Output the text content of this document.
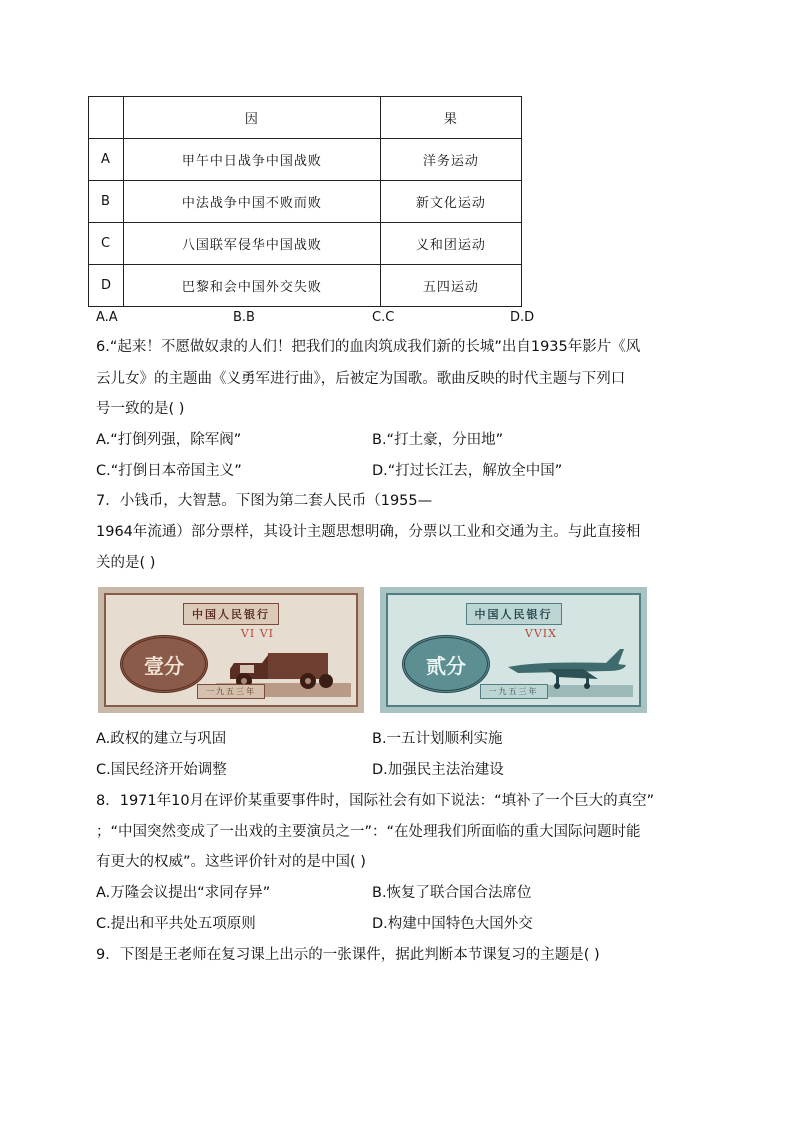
	因	果
A	甲午中日战争中国战败	洋务运动
B	中法战争中国不败而败	新文化运动
C	八国联军侵华中国战败	义和团运动
D	巴黎和会中国外交失败	五四运动
A.A	B.B	C.C	D.D
6.“起来！不愿做奴隶的人们！把我们的血肉筑成我们新的长城”出自1935年影片《风
云儿女》的主题曲《义勇军进行曲》，后被定为国歌。歌曲反映的时代主题与下列口
号一致的是( )
A.“打倒列强，除军阀”	B.“打土豪，分田地”
C.“打倒日本帝国主义”	D.“打过长江去，解放全中国”
7．小钱币，大智慧。下图为第二套人民币（1955—
1964年流通）部分票样，其设计主题思想明确，分票以工业和交通为主。与此直接相
关的是( )
中国人民银行
VI VI
壹分
一九五三年
中国人民银行
VVIX
贰分
一九五三年
A.政权的建立与巩固	B.一五计划顺利实施
C.国民经济开始调整	D.加强民主法治建设
8．1971年10月在评价某重要事件时，国际社会有如下说法：“填补了一个巨大的真空”
；“中国突然变成了一出戏的主要演员之一”：“在处理我们所面临的重大国际问题时能
有更大的权威”。这些评价针对的是中国( )
A.万隆会议提出“求同存异”	B.恢复了联合国合法席位
C.提出和平共处五项原则	D.构建中国特色大国外交
9．下图是王老师在复习课上出示的一张课件，据此判断本节课复习的主题是( )
